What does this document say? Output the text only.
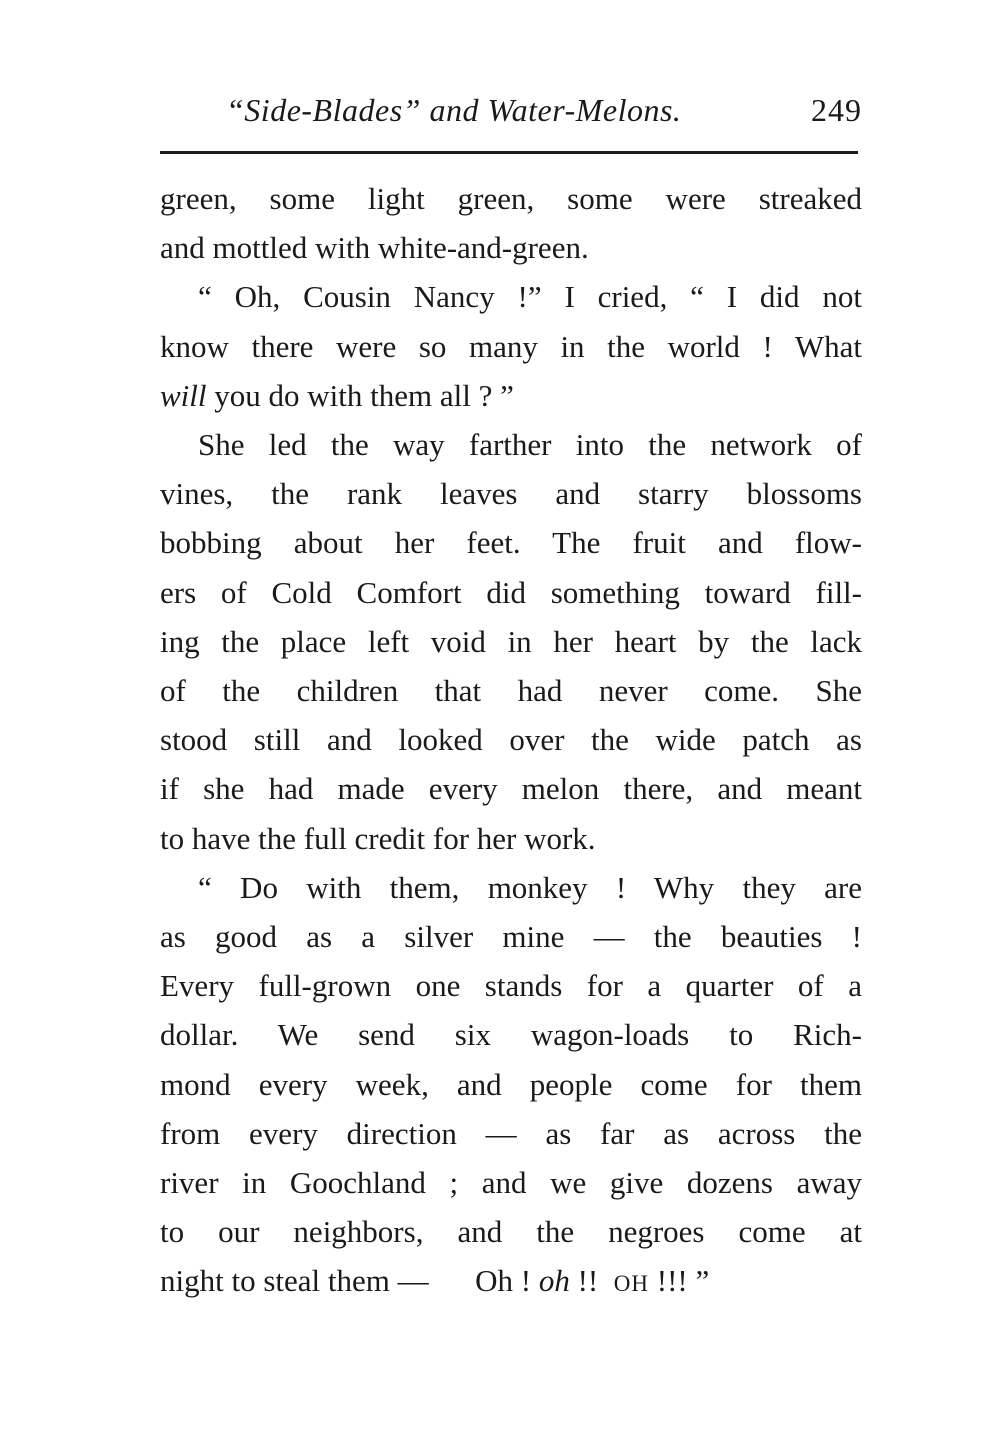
“Side-Blades” and Water-Melons.	249
green, some light green, some were streaked
and mottled with white-and-green.
“ Oh, Cousin Nancy !” I cried, “ I did not
know there were so many in the world ! What
will you do with them all ? ”
She led the way farther into the network of
vines, the rank leaves and starry blossoms
bobbing about her feet. The fruit and flow-
ers of Cold Comfort did something toward fill-
ing the place left void in her heart by the lack
of the children that had never come. She
stood still and looked over the wide patch as
if she had made every melon there, and meant
to have the full credit for her work.
“ Do with them, monkey ! Why they are
as good as a silver mine — the beauties !
Every full-grown one stands for a quarter of a
dollar. We send six wagon-loads to Rich-
mond every week, and people come for them
from every direction — as far as across the
river in Goochland ; and we give dozens away
to our neighbors, and the negroes come at
night to steal them — Oh ! oh !! OH !!! ”
